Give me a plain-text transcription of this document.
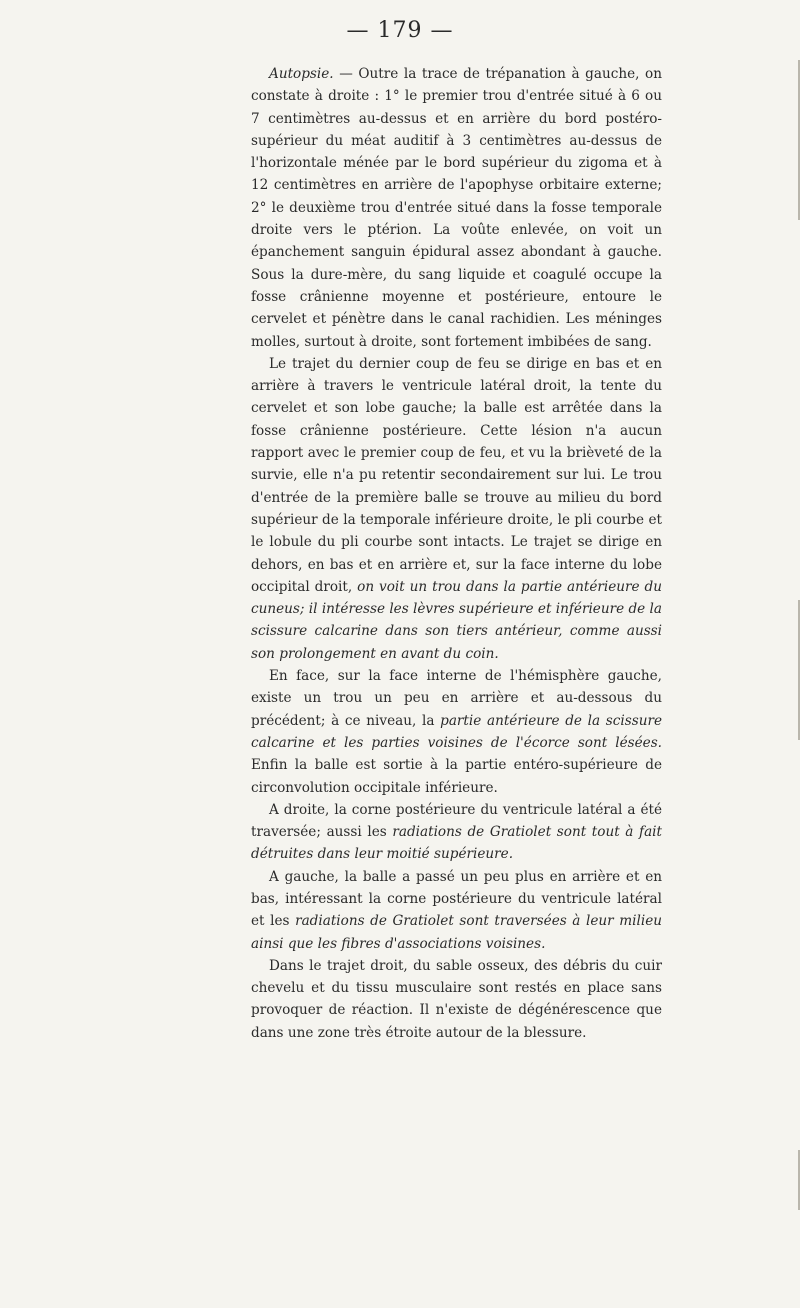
— 179 —

Autopsie. — Outre la trace de trépanation à gauche, on constate à droite : 1° le premier trou d'entrée situé à 6 ou 7 centimètres au-dessus et en arrière du bord postéro-supérieur du méat auditif à 3 centimètres au-dessus de l'horizontale ménée par le bord supérieur du zigoma et à 12 centimètres en arrière de l'apophyse orbitaire externe; 2° le deuxième trou d'entrée situé dans la fosse temporale droite vers le ptérion. La voûte enlevée, on voit un épanchement sanguin épidural assez abondant à gauche. Sous la dure-mère, du sang liquide et coagulé occupe la fosse crânienne moyenne et postérieure, entoure le cervelet et pénètre dans le canal rachidien. Les méninges molles, surtout à droite, sont fortement imbibées de sang.

Le trajet du dernier coup de feu se dirige en bas et en arrière à travers le ventricule latéral droit, la tente du cervelet et son lobe gauche; la balle est arrêtée dans la fosse crânienne postérieure. Cette lésion n'a aucun rapport avec le premier coup de feu, et vu la brièveté de la survie, elle n'a pu retentir secondairement sur lui. Le trou d'entrée de la première balle se trouve au milieu du bord supérieur de la temporale inférieure droite, le pli courbe et le lobule du pli courbe sont intacts. Le trajet se dirige en dehors, en bas et en arrière et, sur la face interne du lobe occipital droit, on voit un trou dans la partie antérieure du cuneus; il intéresse les lèvres supérieure et inférieure de la scissure calcarine dans son tiers antérieur, comme aussi son prolongement en avant du coin.

En face, sur la face interne de l'hémisphère gauche, existe un trou un peu en arrière et au-dessous du précédent; à ce niveau, la partie antérieure de la scissure calcarine et les parties voisines de l'écorce sont lésées. Enfin la balle est sortie à la partie entéro-supérieure de circonvolution occipitale inférieure.

A droite, la corne postérieure du ventricule latéral a été traversée; aussi les radiations de Gratiolet sont tout à fait détruites dans leur moitié supérieure.

A gauche, la balle a passé un peu plus en arrière et en bas, intéressant la corne postérieure du ventricule latéral et les radiations de Gratiolet sont traversées à leur milieu ainsi que les fibres d'associations voisines.

Dans le trajet droit, du sable osseux, des débris du cuir chevelu et du tissu musculaire sont restés en place sans provoquer de réaction. Il n'existe de dégénérescence que dans une zone très étroite autour de la blessure.
